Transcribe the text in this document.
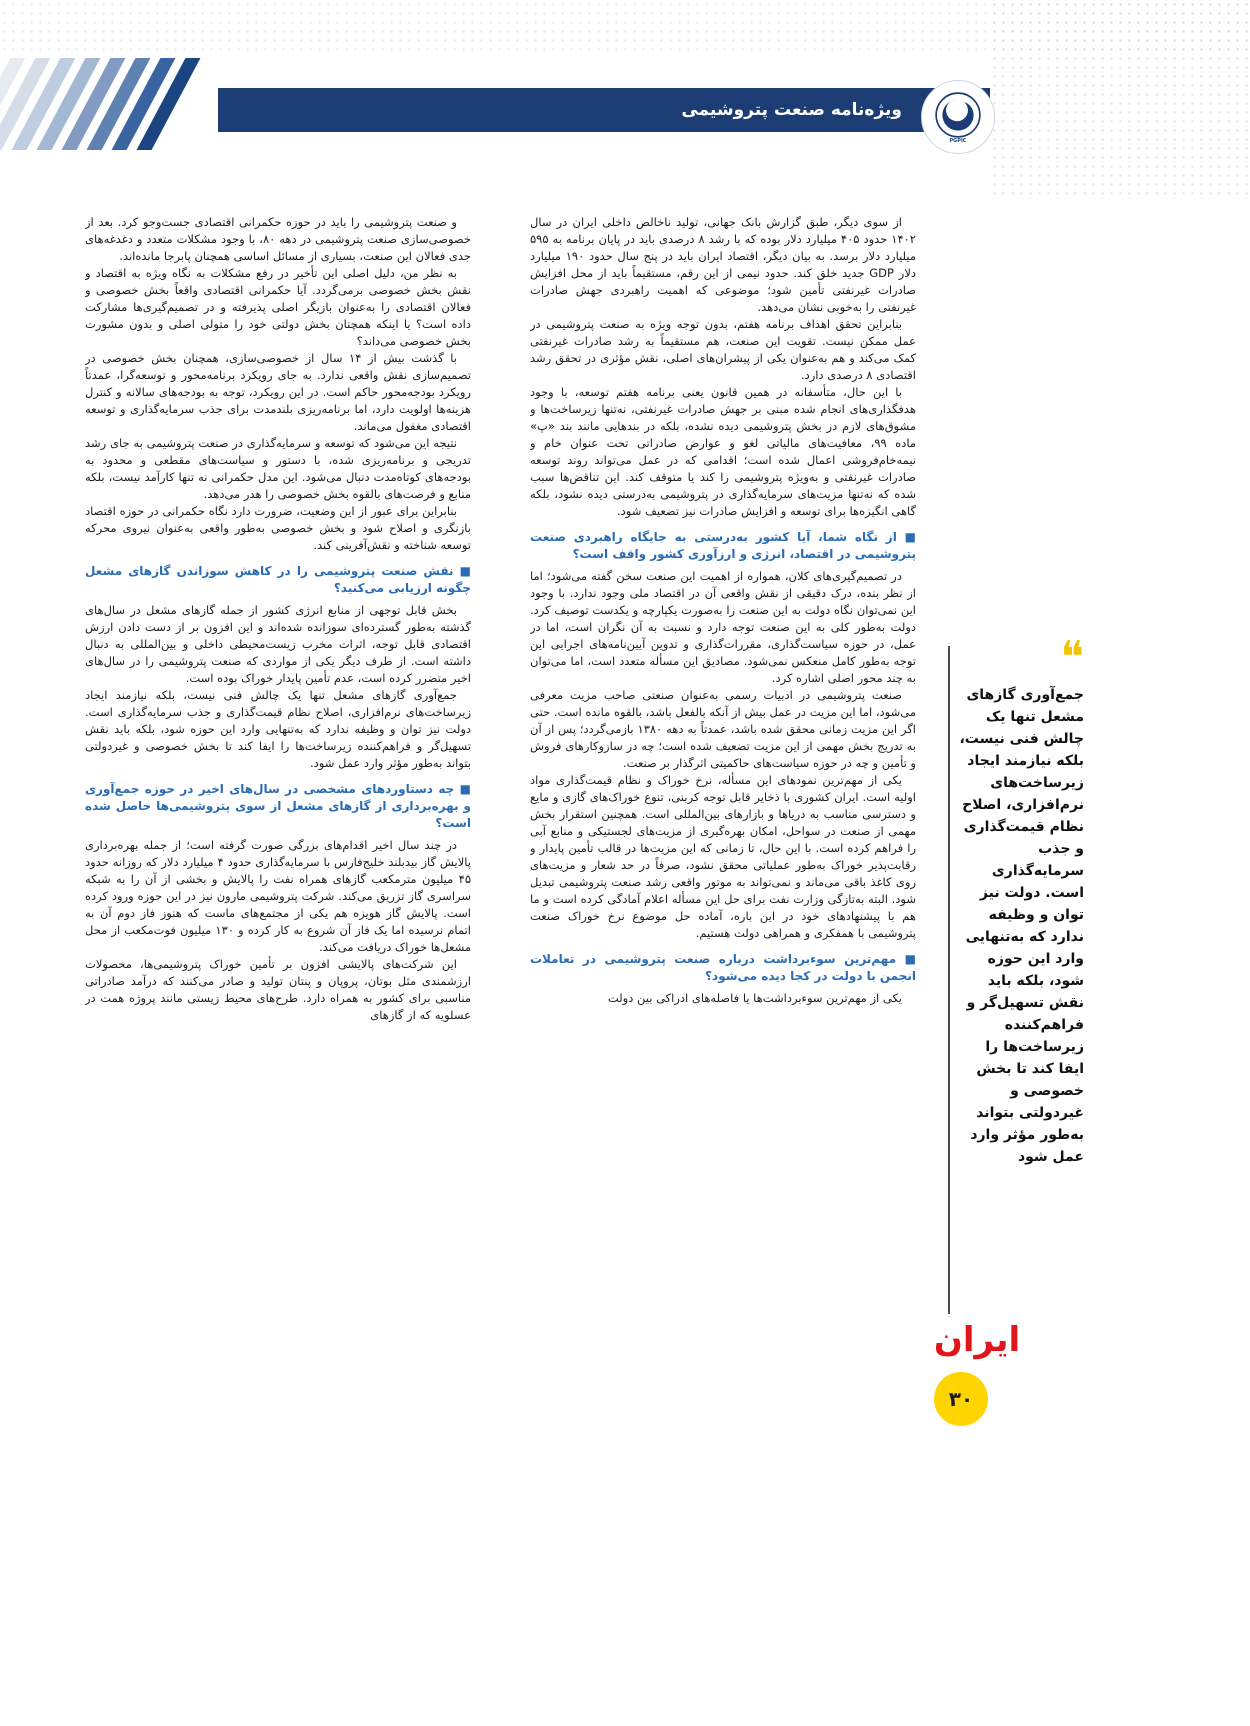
ویژه‌نامه صنعت پتروشیمی
PGPIC

از سوی دیگر، طبق گزارش بانک جهانی، تولید ناخالص داخلی ایران در سال ۱۴۰۲ حدود ۴۰۵ میلیارد دلار بوده که با رشد ۸ درصدی باید در پایان برنامه به ۵۹۵ میلیارد دلار برسد. به بیان دیگر، اقتصاد ایران باید در پنج سال حدود ۱۹۰ میلیارد دلار GDP جدید خلق کند. حدود نیمی از این رقم، مستقیماً باید از محل افزایش صادرات غیرنفتی تأمین شود؛ موضوعی که اهمیت راهبردی جهش صادرات غیرنفتی را به‌خوبی نشان می‌دهد.

بنابراین تحقق اهداف برنامه هفتم، بدون توجه ویژه به صنعت پتروشیمی در عمل ممکن نیست. تقویت این صنعت، هم مستقیماً به رشد صادرات غیرنفتی کمک می‌کند و هم به‌عنوان یکی از پیشران‌های اصلی، نقش مؤثری در تحقق رشد اقتصادی ۸ درصدی دارد.

با این حال، متأسفانه در همین قانون یعنی برنامه هفتم توسعه، با وجود هدفگذاری‌های انجام شده مبنی بر جهش صادرات غیرنفتی، نه‌تنها زیرساخت‌ها و مشوق‌های لازم در بخش پتروشیمی دیده نشده، بلکه در بندهایی مانند بند «پ» ماده ۹۹، معافیت‌های مالیاتی لغو و عوارض صادراتی تحت عنوان خام و نیمه‌خام‌فروشی اعمال شده است؛ اقدامی که در عمل می‌تواند روند توسعه صادرات غیرنفتی و به‌ویژه پتروشیمی را کند یا متوقف کند. این تناقض‌ها سبب شده که نه‌تنها مزیت‌های سرمایه‌گذاری در پتروشیمی به‌درستی دیده نشود، بلکه گاهی انگیزه‌ها برای توسعه و افزایش صادرات نیز تضعیف شود.

■ از نگاه شما، آیا کشور به‌درستی به جایگاه راهبردی صنعت پتروشیمی در اقتصاد، انرژی و ارزآوری کشور واقف است؟

در تصمیم‌گیری‌های کلان، همواره از اهمیت این صنعت سخن گفته می‌شود؛ اما از نظر بنده، درک دقیقی از نقش واقعی آن در اقتصاد ملی وجود ندارد. با وجود این نمی‌توان نگاه دولت به این صنعت را به‌صورت یکپارچه و یکدست توصیف کرد. دولت به‌طور کلی به این صنعت توجه دارد و نسبت به آن نگران است، اما در عمل، در حوزه سیاست‌گذاری، مقررات‌گذاری و تدوین آیین‌نامه‌های اجرایی این توجه به‌طور کامل منعکس نمی‌شود. مصادیق این مسأله متعدد است، اما می‌توان به چند محور اصلی اشاره کرد.

صنعت پتروشیمی در ادبیات رسمی به‌عنوان صنعتی صاحب مزیت معرفی می‌شود، اما این مزیت در عمل بیش از آنکه بالفعل باشد، بالقوه مانده است. حتی اگر این مزیت زمانی محقق شده باشد، عمدتاً به دهه ۱۳۸۰ بازمی‌گردد؛ پس از آن به تدریج بخش مهمی از این مزیت تضعیف شده است؛ چه در سازوکارهای فروش و تأمین و چه در حوزه سیاست‌های حاکمیتی اثرگذار بر صنعت.

یکی از مهم‌ترین نمودهای این مسأله، نرخ خوراک و نظام قیمت‌گذاری مواد اولیه است. ایران کشوری با ذخایر قابل توجه کربنی، تنوع خوراک‌های گازی و مایع و دسترسی مناسب به دریاها و بازارهای بین‌المللی است. همچنین استقرار بخش مهمی از صنعت در سواحل، امکان بهره‌گیری از مزیت‌های لجستیکی و منابع آبی را فراهم کرده است. با این حال، تا زمانی که این مزیت‌ها در قالب تأمین پایدار و رقابت‌پذیر خوراک به‌طور عملیاتی محقق نشود، صرفاً در حد شعار و مزیت‌های روی کاغذ باقی می‌ماند و نمی‌تواند به موتور واقعی رشد صنعت پتروشیمی تبدیل شود. البته به‌تازگی وزارت نفت برای حل این مسأله اعلام آمادگی کرده است و ما هم با پیشنهادهای خود در این باره، آماده حل موضوع نرخ خوراک صنعت پتروشیمی با همفکری و همراهی دولت هستیم.

■ مهم‌ترین سوءبرداشت درباره صنعت پتروشیمی در تعاملات انجمن با دولت در کجا دیده می‌شود؟

یکی از مهم‌ترین سوءبرداشت‌ها یا فاصله‌های ادراکی بین دولت

و صنعت پتروشیمی را باید در حوزه حکمرانی اقتصادی جست‌وجو کرد. بعد از خصوصی‌سازی صنعت پتروشیمی در دهه ۸۰، با وجود مشکلات متعدد و دغدغه‌های جدی فعالان این صنعت، بسیاری از مسائل اساسی همچنان پابرجا مانده‌اند.

به نظر من، دلیل اصلی این تأخیر در رفع مشکلات به نگاه ویژه به اقتصاد و نقش بخش خصوصی برمی‌گردد. آیا حکمرانی اقتصادی واقعاً بخش خصوصی و فعالان اقتصادی را به‌عنوان بازیگر اصلی پذیرفته و در تصمیم‌گیری‌ها مشارکت داده است؟ یا اینکه همچنان بخش دولتی خود را متولی اصلی و بدون مشورت بخش خصوصی می‌داند؟

با گذشت بیش از ۱۴ سال از خصوصی‌سازی، همچنان بخش خصوصی در تصمیم‌سازی نقش واقعی ندارد. به جای رویکرد برنامه‌محور و توسعه‌گرا، عمدتاً رویکرد بودجه‌محور حاکم است. در این رویکرد، توجه به بودجه‌های سالانه و کنترل هزینه‌ها اولویت دارد، اما برنامه‌ریزی بلندمدت برای جذب سرمایه‌گذاری و توسعه اقتصادی مغفول می‌ماند.

نتیجه این می‌شود که توسعه و سرمایه‌گذاری در صنعت پتروشیمی به جای رشد تدریجی و برنامه‌ریزی شده، با دستور و سیاست‌های مقطعی و محدود به بودجه‌های کوتاه‌مدت دنبال می‌شود. این مدل حکمرانی نه تنها کارآمد نیست، بلکه منابع و فرصت‌های بالقوه بخش خصوصی را هدر می‌دهد.

بنابراین برای عبور از این وضعیت، ضرورت دارد نگاه حکمرانی در حوزه اقتصاد بازنگری و اصلاح شود و بخش خصوصی به‌طور واقعی به‌عنوان نیروی محرکه توسعه شناخته و نقش‌آفرینی کند.

■ نقش صنعت پتروشیمی را در کاهش سوزاندن گازهای مشعل چگونه ارزیابی می‌کنید؟

بخش قابل توجهی از منابع انرژی کشور از جمله گازهای مشعل در سال‌های گذشته به‌طور گسترده‌ای سوزانده شده‌اند و این افزون بر از دست دادن ارزش اقتصادی قابل توجه، اثرات مخرب زیست‌محیطی داخلی و بین‌المللی به دنبال داشته است. از طرف دیگر یکی از مواردی که صنعت پتروشیمی را در سال‌های اخیر متضرر کرده است، عدم تأمین پایدار خوراک بوده است.

جمع‌آوری گازهای مشعل تنها یک چالش فنی نیست، بلکه نیازمند ایجاد زیرساخت‌های نرم‌افزاری، اصلاح نظام قیمت‌گذاری و جذب سرمایه‌گذاری است. دولت نیز توان و وظیفه ندارد که به‌تنهایی وارد این حوزه شود، بلکه باید نقش تسهیل‌گر و فراهم‌کننده زیرساخت‌ها را ایفا کند تا بخش خصوصی و غیردولتی بتواند به‌طور مؤثر وارد عمل شود.

■ چه دستاوردهای مشخصی در سال‌های اخیر در حوزه جمع‌آوری و بهره‌برداری از گازهای مشعل از سوی پتروشیمی‌ها حاصل شده است؟

در چند سال اخیر اقدام‌های بزرگی صورت گرفته است؛ از جمله بهره‌برداری پالایش گاز بیدبلند خلیج‌فارس با سرمایه‌گذاری حدود ۴ میلیارد دلار که روزانه حدود ۴۵ میلیون مترمکعب گازهای همراه نفت را پالایش و بخشی از آن را به شبکه سراسری گاز تزریق می‌کند. شرکت پتروشیمی مارون نیز در این حوزه ورود کرده است. پالایش گاز هویزه هم یکی از مجتمع‌های ماست که هنوز فاز دوم آن به اتمام نرسیده اما یک فاز آن شروع به کار کرده و ۱۳۰ میلیون فوت‌مکعب از محل مشعل‌ها خوراک دریافت می‌کند.

این شرکت‌های پالایشی افزون بر تأمین خوراک پتروشیمی‌ها، محصولات ارزشمندی مثل بوتان، پروپان و پنتان تولید و صادر می‌کنند که درآمد صادراتی مناسبی برای کشور به همراه دارد. طرح‌های محیط زیستی مانند پروژه همت در عسلویه که از گازهای

❝
جمع‌آوری گازهای مشعل تنها یک چالش فنی نیست، بلکه نیازمند ایجاد زیرساخت‌های نرم‌افزاری، اصلاح نظام قیمت‌گذاری و جذب سرمایه‌گذاری است. دولت نیز توان و وظیفه ندارد که به‌تنهایی وارد این حوزه شود، بلکه باید نقش تسهیل‌گر و فراهم‌کننده زیرساخت‌ها را ایفا کند تا بخش خصوصی و غیردولتی بتواند به‌طور مؤثر وارد عمل شود
ایران
۳۰
